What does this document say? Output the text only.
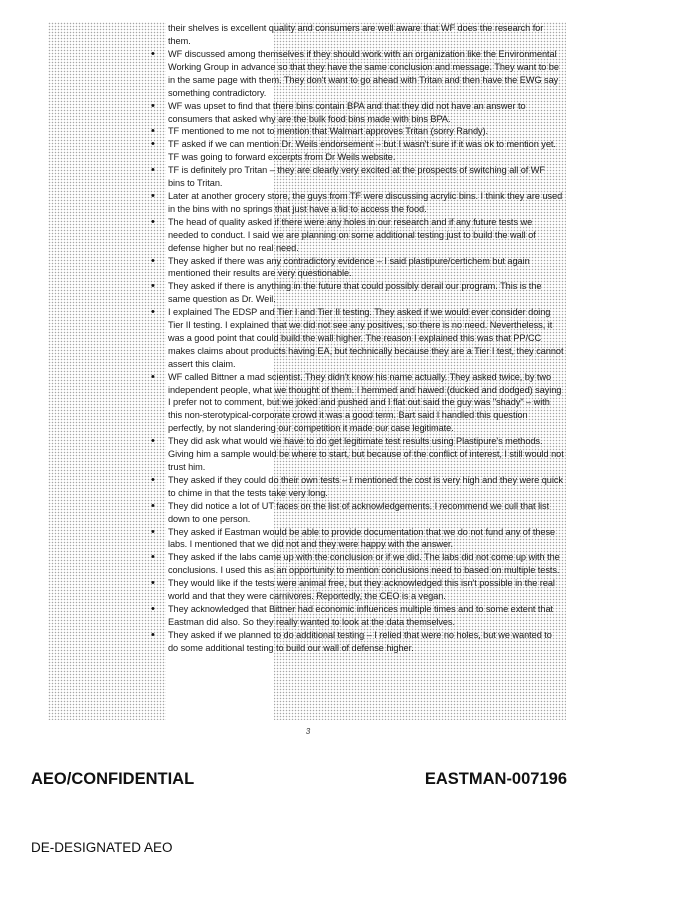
their shelves is excellent quality and consumers are well aware that WF does the research for them.

• WF discussed among themselves if they should work with an organization like the Environmental Working Group in advance so that they have the same conclusion and message. They want to be in the same page with them. They don't want to go ahead with Tritan and then have the EWG say something contradictory.
• WF was upset to find that there bins contain BPA and that they did not have an answer to consumers that asked why are the bulk food bins made with bins BPA.
• TF mentioned to me not to mention that Walmart approves Tritan (sorry Randy).
• TF asked if we can mention Dr. Weils endorsement – but I wasn't sure if it was ok to mention yet. TF was going to forward excerpts from Dr Weils website.
• TF is definitely pro Tritan – they are clearly very excited at the prospects of switching all of WF bins to Tritan.
• Later at another grocery store, the guys from TF were discussing acrylic bins. I think they are used in the bins with no springs that just have a lid to access the food.
• The head of quality asked if there were any holes in our research and if any future tests we needed to conduct. I said we are planning on some additional testing just to build the wall of defense higher but no real need.
• They asked if there was any contradictory evidence – I said plastipure/certichem but again mentioned their results are very questionable.
• They asked if there is anything in the future that could possibly derail our program. This is the same question as Dr. Weil.
• I explained The EDSP and Tier I and Tier II testing. They asked if we would ever consider doing Tier II testing. I explained that we did not see any positives, so there is no need. Nevertheless, it was a good point that could build the wall higher. The reason I explained this was that PP/CC makes claims about products having EA, but technically because they are a Tier I test, they cannot assert this claim.
• WF called Bittner a mad scientist. They didn't know his name actually. They asked twice, by two independent people, what we thought of them. I hemmed and hawed (ducked and dodged) saying I prefer not to comment, but we joked and pushed and I flat out said the guy was "shady" – with this non-sterotypical-corporate crowd it was a good term. Bart said I handled this question perfectly, by not slandering our competition it made our case legitimate.
• They did ask what would we have to do get legitimate test results using Plastipure's methods. Giving him a sample would be where to start, but because of the conflict of interest, I still would not trust him.
• They asked if they could do their own tests – I mentioned the cost is very high and they were quick to chime in that the tests take very long.
• They did notice a lot of UT faces on the list of acknowledgements. I recommend we cull that list down to one person.
• They asked if Eastman would be able to provide documentation that we do not fund any of these labs. I mentioned that we did not and they were happy with the answer.
• They asked if the labs came up with the conclusion or if we did. The labs did not come up with the conclusions. I used this as an opportunity to mention conclusions need to based on multiple tests.
• They would like if the tests were animal free, but they acknowledged this isn't possible in the real world and that they were carnivores. Reportedly, the CEO is a vegan.
• They acknowledged that Bittner had economic influences multiple times and to some extent that Eastman did also. So they really wanted to look at the data themselves.
• They asked if we planned to do additional testing – I relied that were no holes, but we wanted to do some additional testing to build our wall of defense higher.
3

AEO/CONFIDENTIAL	EASTMAN-007196

DE-DESIGNATED AEO
